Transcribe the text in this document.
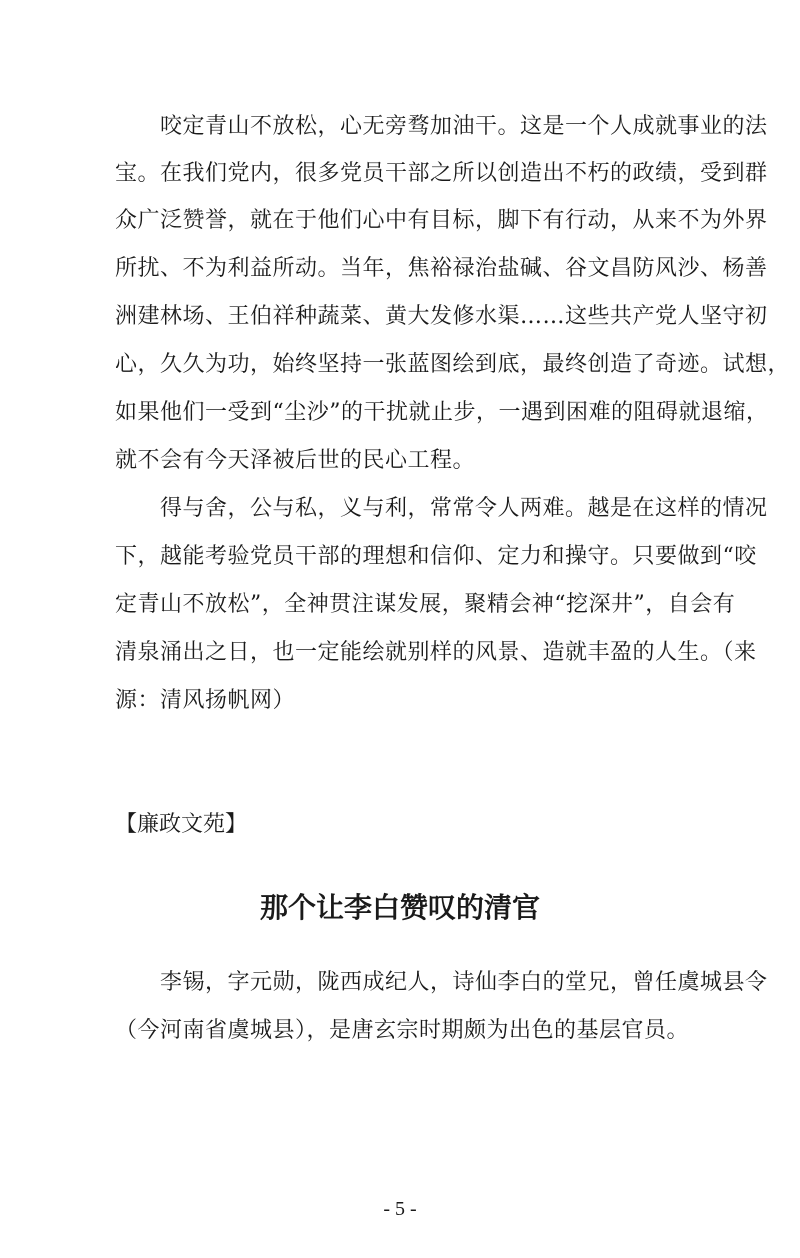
咬定青山不放松，心无旁骛加油干。这是一个人成就事业的法
宝。在我们党内，很多党员干部之所以创造出不朽的政绩，受到群
众广泛赞誉，就在于他们心中有目标，脚下有行动，从来不为外界
所扰、不为利益所动。当年，焦裕禄治盐碱、谷文昌防风沙、杨善
洲建林场、王伯祥种蔬菜、黄大发修水渠……这些共产党人坚守初
心，久久为功，始终坚持一张蓝图绘到底，最终创造了奇迹。试想，
如果他们一受到“尘沙”的干扰就止步，一遇到困难的阻碍就退缩，
就不会有今天泽被后世的民心工程。
得与舍，公与私，义与利，常常令人两难。越是在这样的情况
下，越能考验党员干部的理想和信仰、定力和操守。只要做到“咬
定青山不放松”，全神贯注谋发展，聚精会神“挖深井”，自会有
清泉涌出之日，也一定能绘就别样的风景、造就丰盈的人生。（来
源：清风扬帆网）
【廉政文苑】
那个让李白赞叹的清官
李锡，字元勋，陇西成纪人，诗仙李白的堂兄，曾任虞城县令
（今河南省虞城县），是唐玄宗时期颇为出色的基层官员。
- 5 -
